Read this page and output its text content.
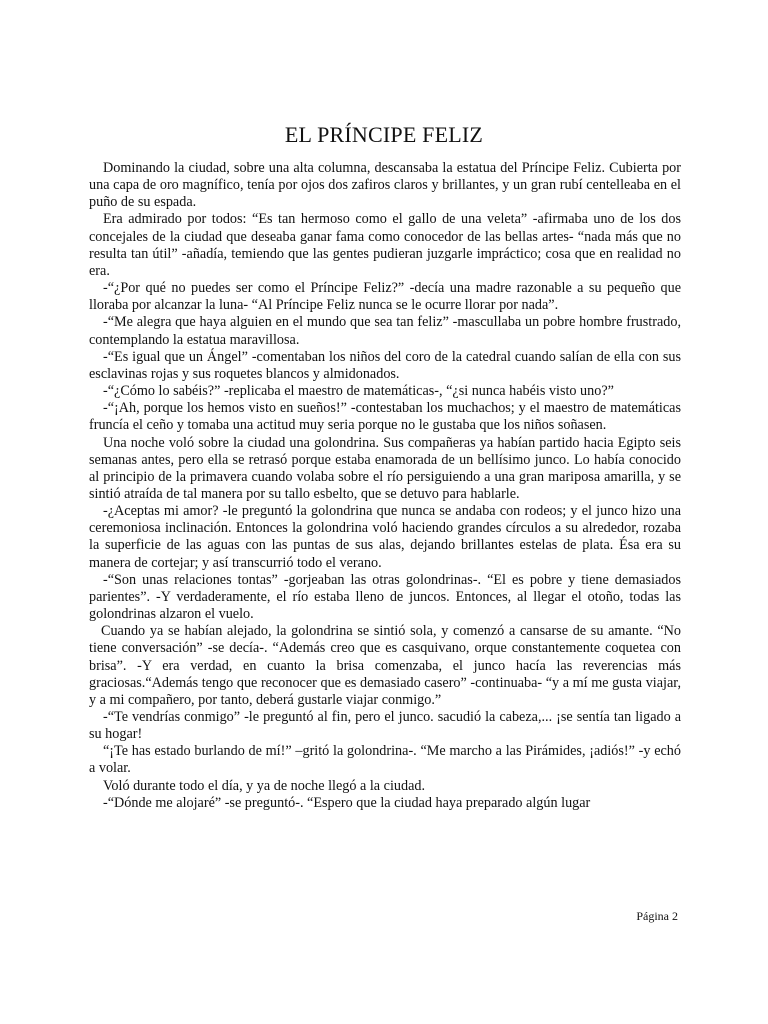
EL PRÍNCIPE FELIZ

Dominando la ciudad, sobre una alta columna, descansaba la estatua del Príncipe Feliz. Cubierta por una capa de oro magnífico, tenía por ojos dos zafiros claros y brillantes, y un gran rubí centelleaba en el puño de su espada.

Era admirado por todos: “Es tan hermoso como el gallo de una veleta” -afirmaba uno de los dos concejales de la ciudad que deseaba ganar fama como conocedor de las bellas artes- “nada más que no resulta tan útil” -añadía, temiendo que las gentes pudieran juzgarle impráctico; cosa que en realidad no era.

-“¿Por qué no puedes ser como el Príncipe Feliz?” -decía una madre razonable a su pequeño que lloraba por alcanzar la luna- “Al Príncipe Feliz nunca se le ocurre llorar por nada”.

-“Me alegra que haya alguien en el mundo que sea tan feliz” -mascullaba un pobre hombre frustrado, contemplando la estatua maravillosa.

-“Es igual que un Ángel” -comentaban los niños del coro de la catedral cuando salían de ella con sus esclavinas rojas y sus roquetes blancos y almidonados.

-“¿Cómo lo sabéis?” -replicaba el maestro de matemáticas-, “¿si nunca habéis visto uno?”

-“¡Ah, porque los hemos visto en sueños!” -contestaban los muchachos; y el maestro de matemáticas fruncía el ceño y tomaba una actitud muy seria porque no le gustaba que los niños soñasen.

Una noche voló sobre la ciudad una golondrina. Sus compañeras ya habían partido hacia Egipto seis semanas antes, pero ella se retrasó porque estaba enamorada de un bellísimo junco. Lo había conocido al principio de la primavera cuando volaba sobre el río persiguiendo a una gran mariposa amarilla, y se sintió atraída de tal manera por su tallo esbelto, que se detuvo para hablarle.

-¿Aceptas mi amor? -le preguntó la golondrina que nunca se andaba con rodeos; y el junco hizo una ceremoniosa inclinación. Entonces la golondrina voló haciendo grandes círculos a su alrededor, rozaba la superficie de las aguas con las puntas de sus alas, dejando brillantes estelas de plata. Ésa era su manera de cortejar; y así transcurrió todo el verano.

-“Son unas relaciones tontas” -gorjeaban las otras golondrinas-. “El es pobre y tiene demasiados parientes”. -Y verdaderamente, el río estaba lleno de juncos. Entonces, al llegar el otoño, todas las golondrinas alzaron el vuelo.

Cuando ya se habían alejado, la golondrina se sintió sola, y comenzó a cansarse de su amante. “No tiene conversación” -se decía-. “Además creo que es casquivano, orque constantemente coquetea con brisa”. -Y era verdad, en cuanto la brisa comenzaba, el junco hacía las reverencias más graciosas.“Además tengo que reconocer que es demasiado casero” -continuaba- “y a mí me gusta viajar, y a mi compañero, por tanto, deberá gustarle viajar conmigo.”

-“Te vendrías conmigo” -le preguntó al fin, pero el junco. sacudió la cabeza,... ¡se sentía tan ligado a su hogar!

“¡Te has estado burlando de mí!” –gritó la golondrina-. “Me marcho a las Pirámides, ¡adiós!” -y echó a volar.

Voló durante todo el día, y ya de noche llegó a la ciudad.

-“Dónde me alojaré” -se preguntó-. “Espero que la ciudad haya preparado algún lugar

Página 2
